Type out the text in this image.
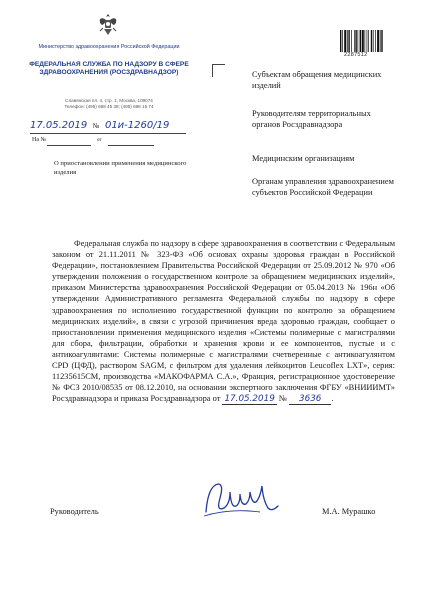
Министерство здравоохранения Российской Федерации
ФЕДЕРАЛЬНАЯ СЛУЖБА ПО НАДЗОРУ В СФЕРЕ ЗДРАВООХРАНЕНИЯ (РОСЗДРАВНАДЗОР)
Славянская пл. 4, стр. 1, Москва, 109074
Телефон: (495) 698 45 38; (495) 698 15 74
17.05.2019 № 01и-1260/19
На №	от
О приостановлении применения медицинского изделия
2287512
Субъектам обращения медицинских изделий
Руководителям территориальных органов Росздравнадзора
Медицинским организациям
Органам управления здравоохранением субъектов Российской Федерации
Федеральная служба по надзору в сфере здравоохранения в соответствии с Федеральным законом от 21.11.2011 № 323-ФЗ «Об основах охраны здоровья граждан в Российской Федерации», постановлением Правительства Российской Федерации от 25.09.2012 № 970 «Об утверждении положения о государственном контроле за обращением медицинских изделий», приказом Министерства здравоохранения Российской Федерации от 05.04.2013 № 196н «Об утверждении Административного регламента Федеральной службы по надзору в сфере здравоохранения по исполнению государственной функции по контролю за обращением медицинских изделий», в связи с угрозой причинения вреда здоровью граждан, сообщает о приостановлении применения медицинского изделия «Системы полимерные с магистралями для сбора, фильтрации, обработки и хранения крови и ее компонентов, пустые и с антикоагулянтами: Системы полимерные с магистралями счетверенные с антикоагулянтом CPD (ЦФД), раствором SAGM, с фильтром для удаления лейкоцитов Leucoflex LXT», серия: 11235615CM, производства «МАКОФАРМА С.А.», Франция, регистрационное удостоверение № ФСЗ 2010/08535 от 08.12.2010, на основании экспертного заключения ФГБУ «ВНИИИМТ» Росздравнадзора и приказа Росздравнадзора от 17.05.2019 № 3636 .
Руководитель	М.А. Мурашко
